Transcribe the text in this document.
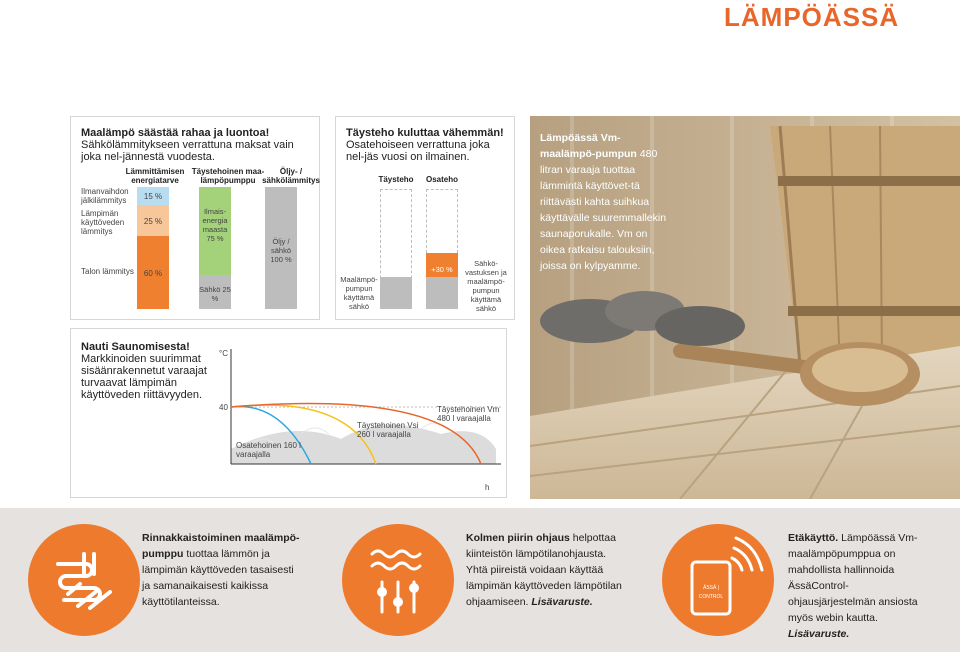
LÄMPÖÄSSÄ
Maalämpö säästää rahaa ja luontoa!
Sähkölämmitykseen verrattuna maksat vain joka nel-jännestä vuodesta.
Lämmittämisen energiatarve
Täystehoinen maa-lämpöpumppu
Öljy- / sähkölämmitys
Ilmanvaihdon jälkilämmitys
Lämpimän käyttöveden lämmitys
Talon lämmitys
15 %
25 %
60 %
Ilmais-energia maasta 75 %
Sähkö 25 %
Öljy / sähkö 100 %
Täysteho kuluttaa vähemmän!
Osatehoiseen verrattuna joka nel-jäs vuosi on ilmainen.
Täysteho	Osateho
+30 %
Maalämpö-pumpun käyttämä sähkö
Sähkö-vastuksen ja maalämpö-pumpun käyttämä sähkö
Lämpöässä Vm-maalämpö-pumpun 480 litran varaaja tuottaa lämmintä käyttövet-tä riittävästi kahta suihkua käyttävälle suuremmallekin saunaporukalle. Vm on oikea ratkaisu talouksiin, joissa on kylpyamme.
Nauti Saunomisesta!
Markkinoiden suurimmat sisäänrakennetut varaajat turvaavat lämpimän käyttöveden riittävyyden.
°C
40
h
Osatehoinen 160 l varaajalla
Täystehoinen Vsi 260 l varaajalla
Täystehoinen Vm 480 l varaajalla
Rinnakkaistoiminen maalämpö-pumppu tuottaa lämmön ja lämpimän käyttöveden tasaisesti ja samanaikaisesti kaikissa käyttötilanteissa.
Kolmen piirin ohjaus helpottaa kiinteistön lämpötilanohjausta. Yhtä piireistä voidaan käyttää lämpimän käyttöveden lämpötilan ohjaamiseen. Lisävaruste.
ÄSSÄ | CONTROL
Etäkäyttö. Lämpöässä Vm-maalämpöpumppua on mahdollista hallinnoida ÄssäControl-ohjausjärjestelmän ansiosta myös webin kautta. Lisävaruste.
